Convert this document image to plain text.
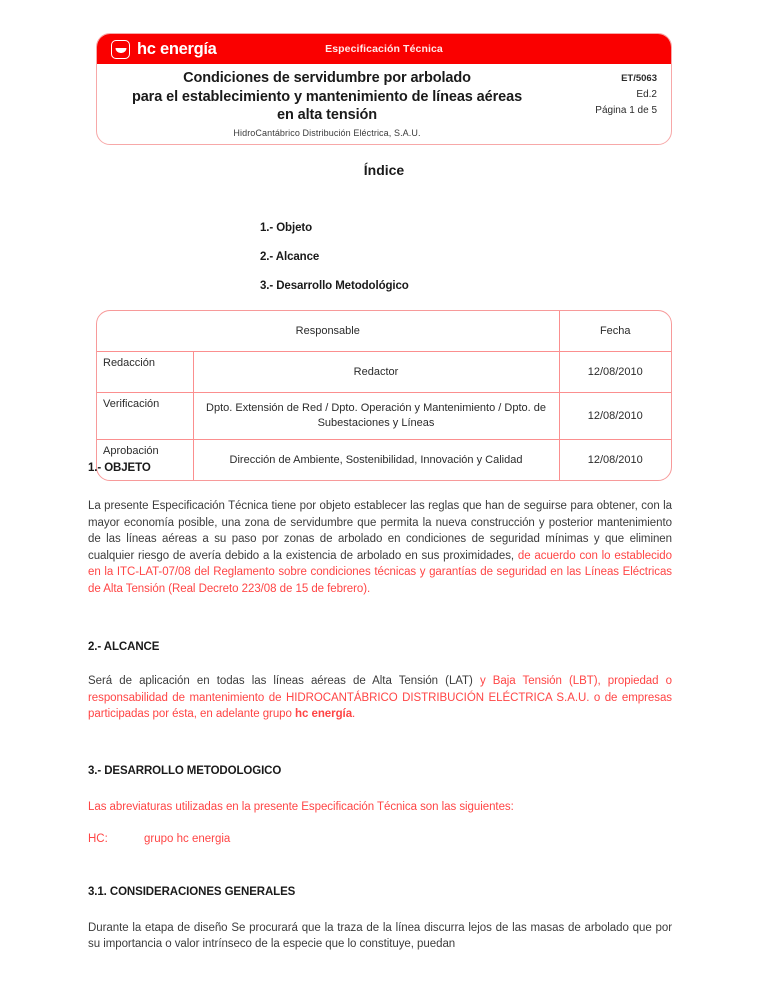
hc energía	Especificación Técnica
Condiciones de servidumbre por arbolado
para el establecimiento y mantenimiento de líneas aéreas
en alta tensión
HidroCantábrico Distribución Eléctrica, S.A.U.
ET/5063
Ed.2
Página 1 de 5
Índice
1.- Objeto
2.- Alcance
3.- Desarrollo Metodológico
Responsable		Fecha
Redacción	Redactor	12/08/2010
Verificación	Dpto. Extensión de Red / Dpto. Operación y Mantenimiento / Dpto. de Subestaciones y Líneas	12/08/2010
Aprobación	Dirección de Ambiente, Sostenibilidad, Innovación y Calidad	12/08/2010
1.- OBJETO
La presente Especificación Técnica tiene por objeto establecer las reglas que han de seguirse para obtener, con la mayor economía posible, una zona de servidumbre que permita la nueva construcción y posterior mantenimiento de las líneas aéreas a su paso por zonas de arbolado en condiciones de seguridad mínimas y que eliminen cualquier riesgo de avería debido a la existencia de arbolado en sus proximidades, de acuerdo con lo establecido en la ITC-LAT-07/08 del Reglamento sobre condiciones técnicas y garantías de seguridad en las Líneas Eléctricas de Alta Tensión (Real Decreto 223/08 de 15 de febrero).
2.- ALCANCE
Será de aplicación en todas las líneas aéreas de Alta Tensión (LAT) y Baja Tensión (LBT), propiedad o responsabilidad de mantenimiento de HIDROCANTÁBRICO DISTRIBUCIÓN ELÉCTRICA S.A.U. o de empresas participadas por ésta, en adelante grupo hc energía.
3.- DESARROLLO METODOLOGICO
Las abreviaturas utilizadas en la presente Especificación Técnica son las siguientes:
HC:	grupo hc energia
3.1. CONSIDERACIONES GENERALES
Durante la etapa de diseño Se procurará que la traza de la línea discurra lejos de las masas de arbolado que por su importancia o valor intrínseco de la especie que lo constituye, puedan
